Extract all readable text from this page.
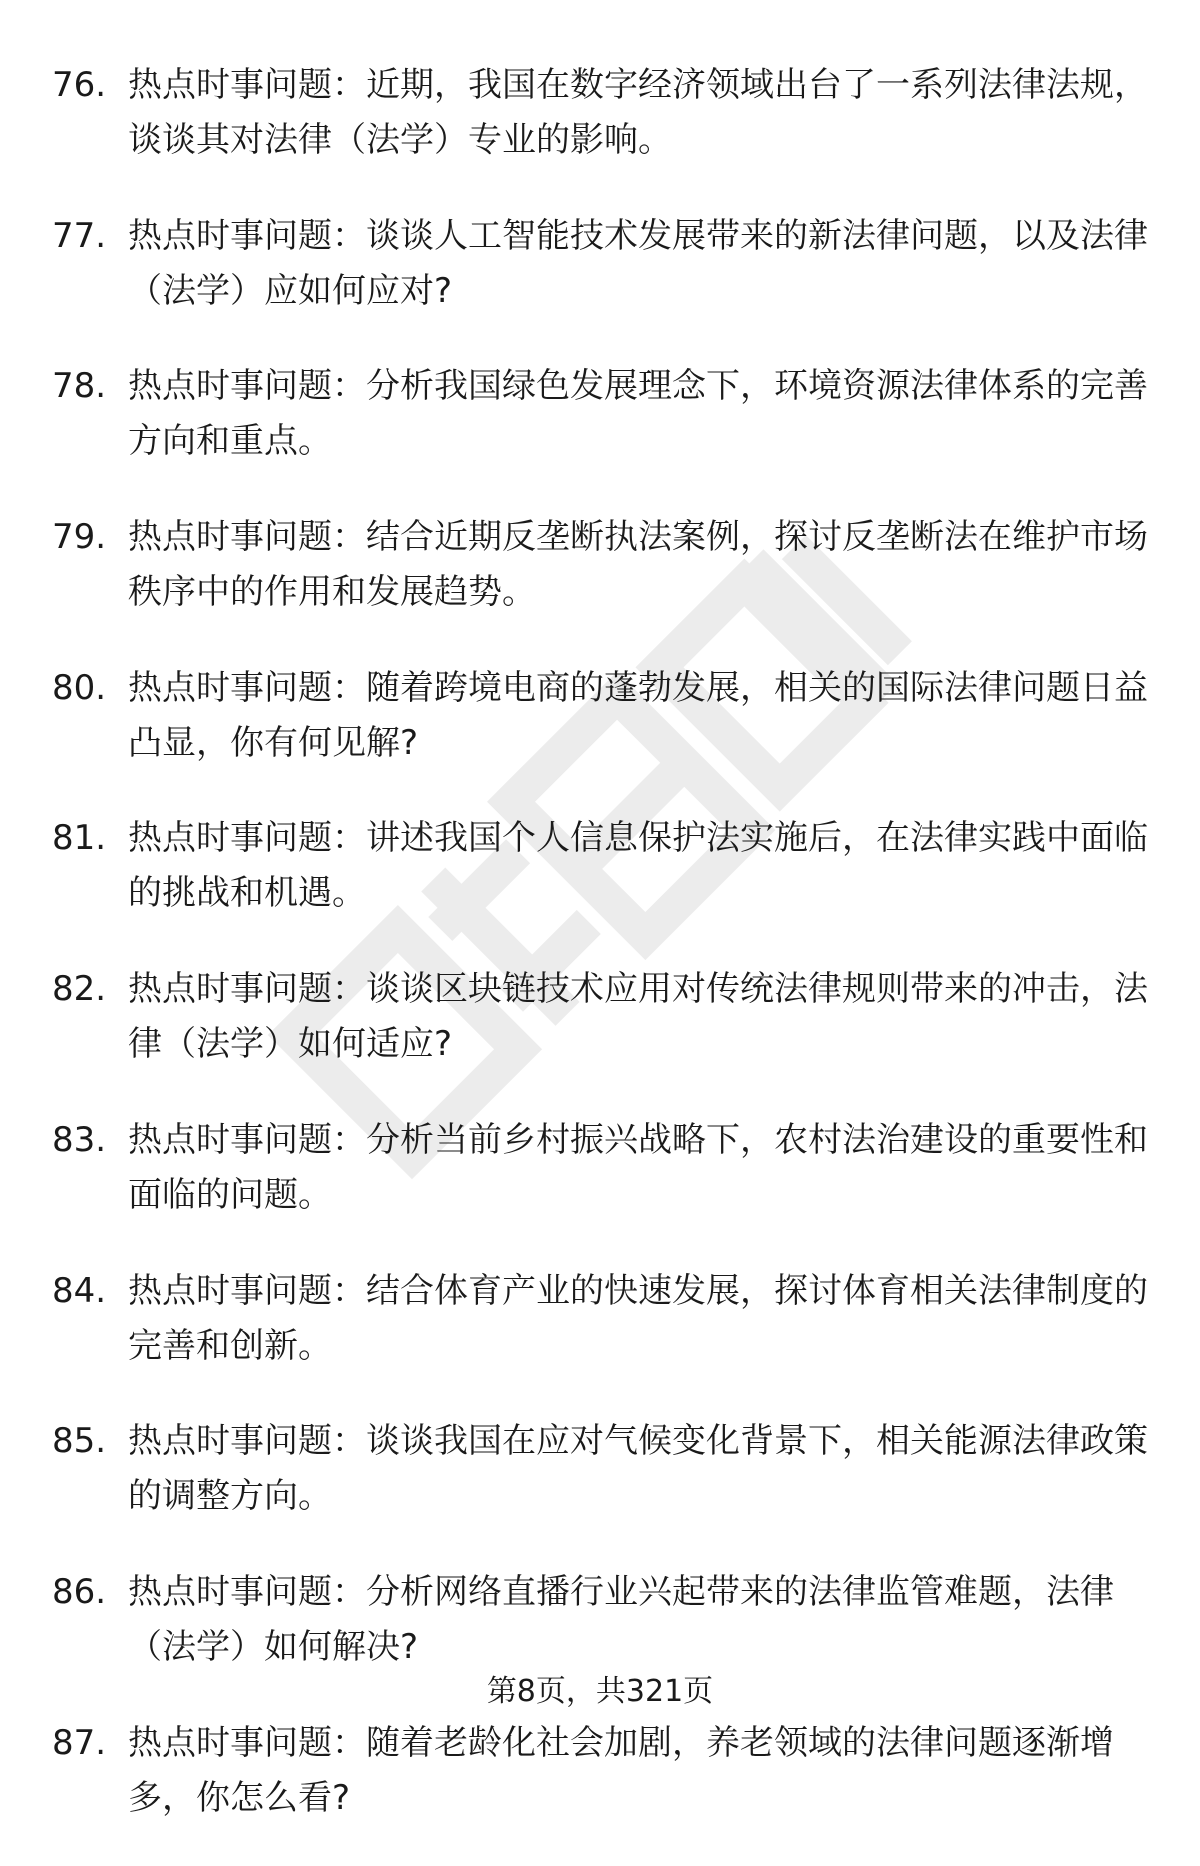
76. 热点时事问题：近期，我国在数字经济领域出台了一系列法律法规，谈谈其对法律（法学）专业的影响。
77. 热点时事问题：谈谈人工智能技术发展带来的新法律问题，以及法律（法学）应如何应对?
78. 热点时事问题：分析我国绿色发展理念下，环境资源法律体系的完善方向和重点。
79. 热点时事问题：结合近期反垄断执法案例，探讨反垄断法在维护市场秩序中的作用和发展趋势。
80. 热点时事问题：随着跨境电商的蓬勃发展，相关的国际法律问题日益凸显，你有何见解?
81. 热点时事问题：讲述我国个人信息保护法实施后，在法律实践中面临的挑战和机遇。
82. 热点时事问题：谈谈区块链技术应用对传统法律规则带来的冲击，法律（法学）如何适应?
83. 热点时事问题：分析当前乡村振兴战略下，农村法治建设的重要性和面临的问题。
84. 热点时事问题：结合体育产业的快速发展，探讨体育相关法律制度的完善和创新。
85. 热点时事问题：谈谈我国在应对气候变化背景下，相关能源法律政策的调整方向。
86. 热点时事问题：分析网络直播行业兴起带来的法律监管难题，法律（法学）如何解决?
87. 热点时事问题：随着老龄化社会加剧，养老领域的法律问题逐渐增多，你怎么看?
第8页，共321页
